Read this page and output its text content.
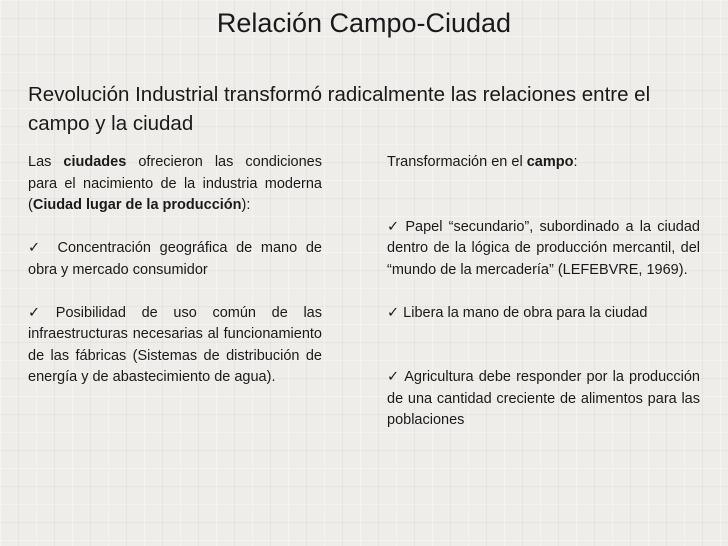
Relación Campo-Ciudad
Revolución Industrial transformó radicalmente las relaciones entre el campo y la ciudad

Las ciudades ofrecieron las condiciones para el nacimiento de la industria moderna (Ciudad lugar de la producción):

✓ Concentración geográfica de mano de obra y mercado consumidor

✓ Posibilidad de uso común de las infraestructuras necesarias al funcionamiento de las fábricas (Sistemas de distribución de energía y de abastecimiento de agua).

Transformación en el campo:

✓ Papel “secundario”, subordinado a la ciudad dentro de la lógica de producción mercantil, del “mundo de la mercadería” (LEFEBVRE, 1969).

✓ Libera la mano de obra para la ciudad

✓ Agricultura debe responder por la producción de una cantidad creciente de alimentos para las poblaciones
